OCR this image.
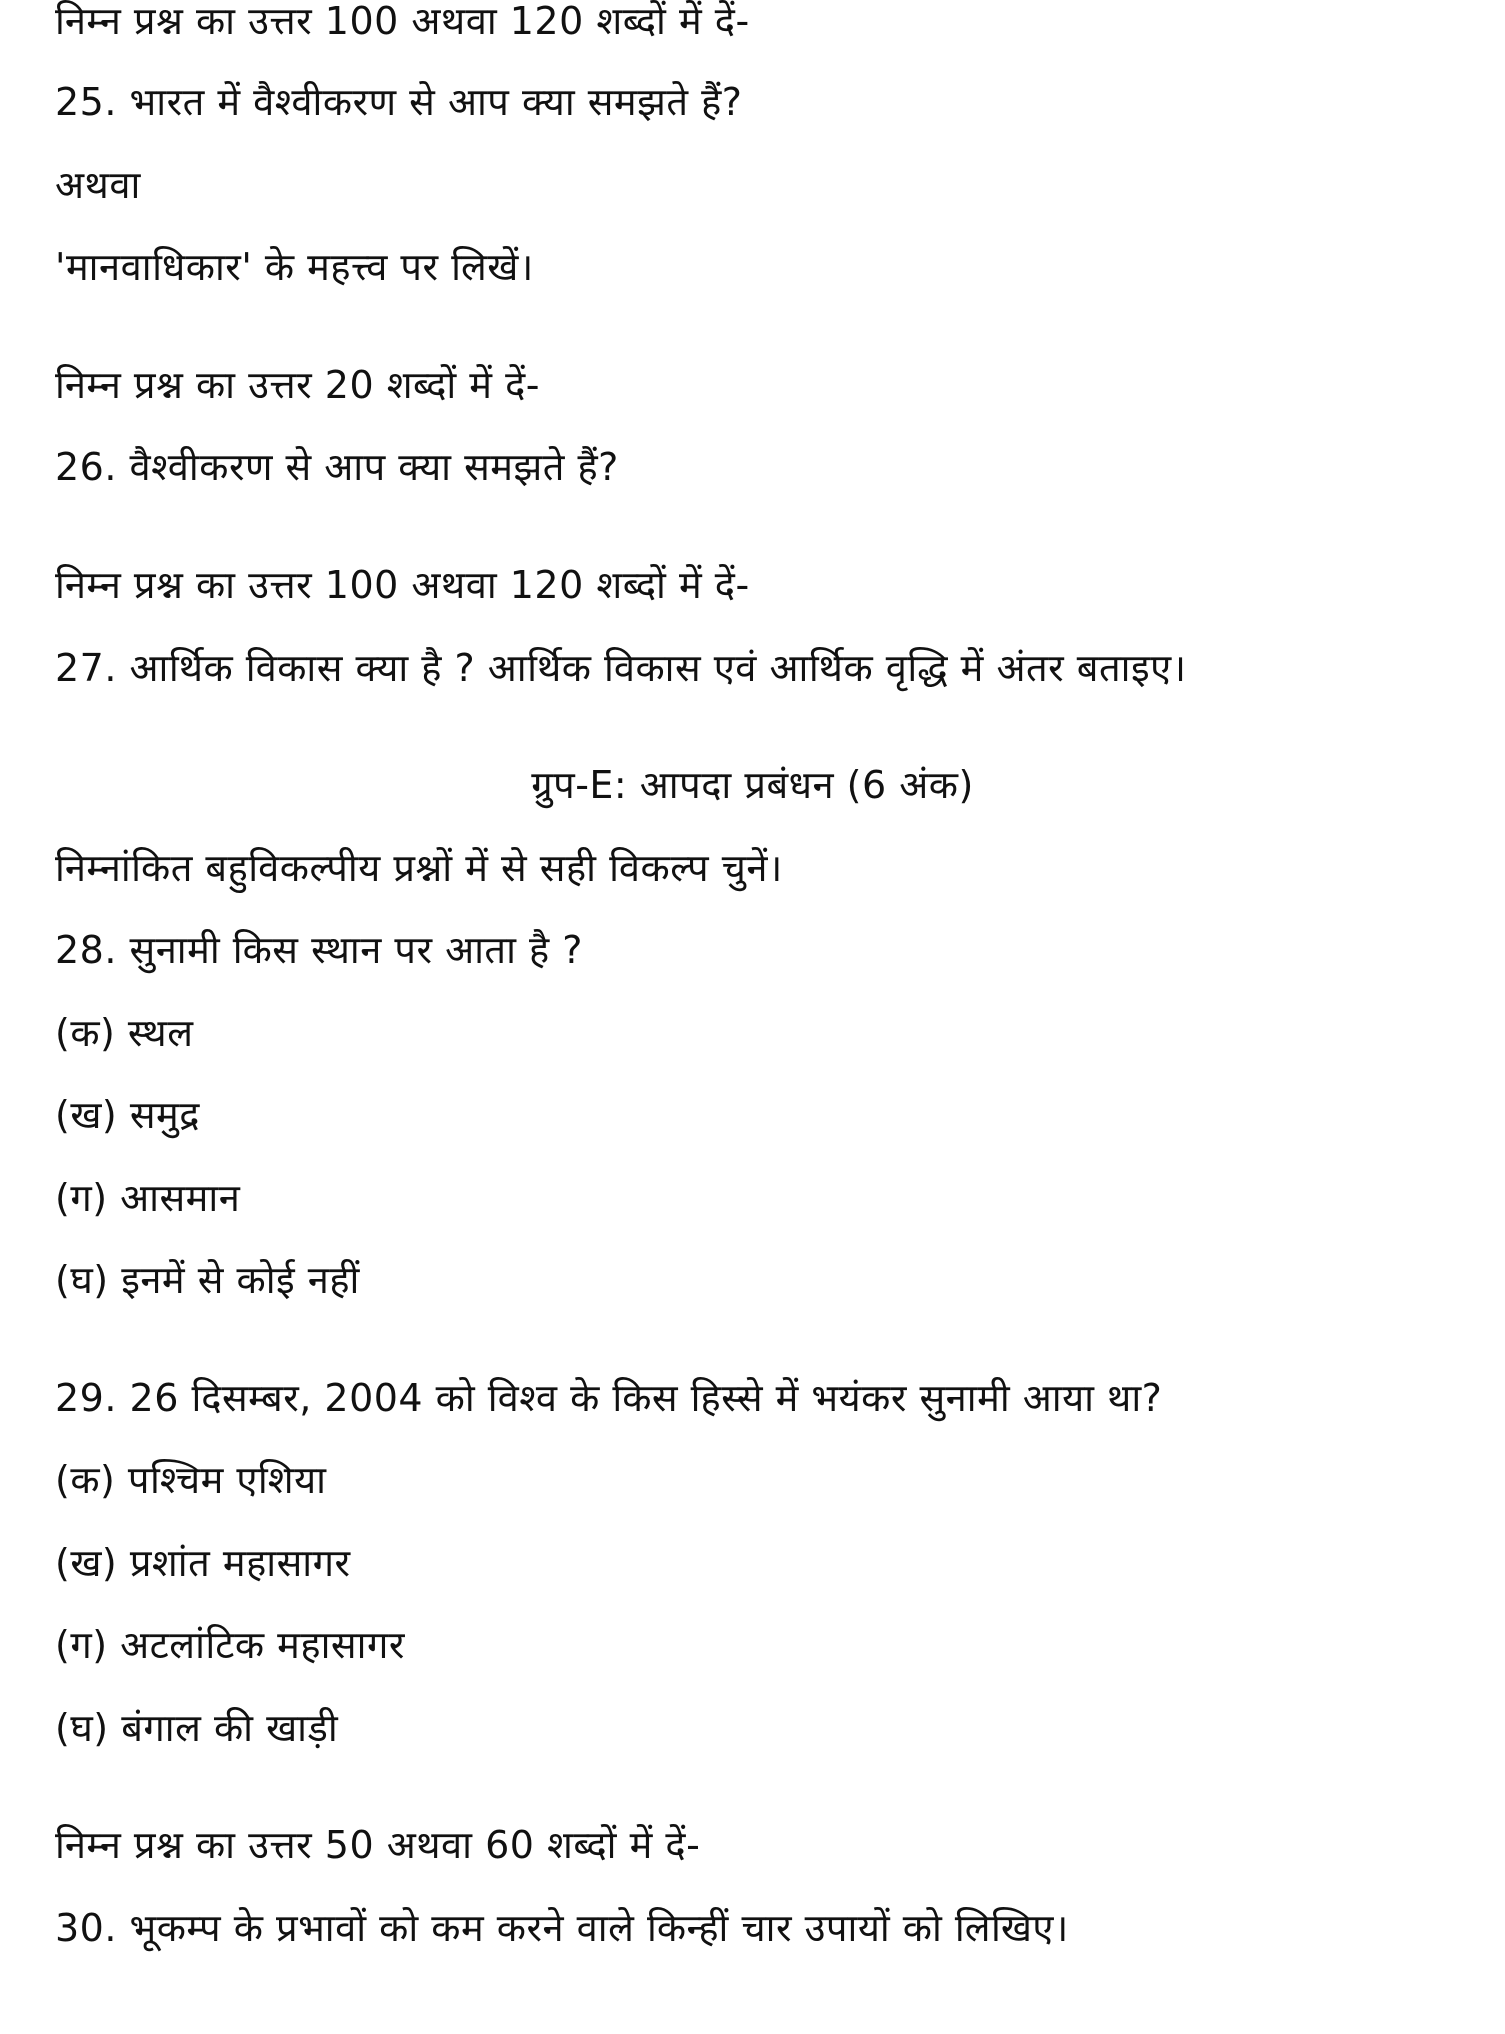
निम्न प्रश्न का उत्तर 100 अथवा 120 शब्दों में दें-
25. भारत में वैश्वीकरण से आप क्या समझते हैं?
अथवा
'मानवाधिकार' के महत्त्व पर लिखें।
निम्न प्रश्न का उत्तर 20 शब्दों में दें-
26. वैश्वीकरण से आप क्या समझते हैं?
निम्न प्रश्न का उत्तर 100 अथवा 120 शब्दों में दें-
27. आर्थिक विकास क्या है ? आर्थिक विकास एवं आर्थिक वृद्धि में अंतर बताइए।
ग्रुप-E: आपदा प्रबंधन (6 अंक)
निम्नांकित बहुविकल्पीय प्रश्नों में से सही विकल्प चुनें।
28. सुनामी किस स्थान पर आता है ?
(क) स्थल
(ख) समुद्र
(ग) आसमान
(घ) इनमें से कोई नहीं
29. 26 दिसम्बर, 2004 को विश्व के किस हिस्से में भयंकर सुनामी आया था?
(क) पश्चिम एशिया
(ख) प्रशांत महासागर
(ग) अटलांटिक महासागर
(घ) बंगाल की खाड़ी
निम्न प्रश्न का उत्तर 50 अथवा 60 शब्दों में दें-
30. भूकम्प के प्रभावों को कम करने वाले किन्हीं चार उपायों को लिखिए।
